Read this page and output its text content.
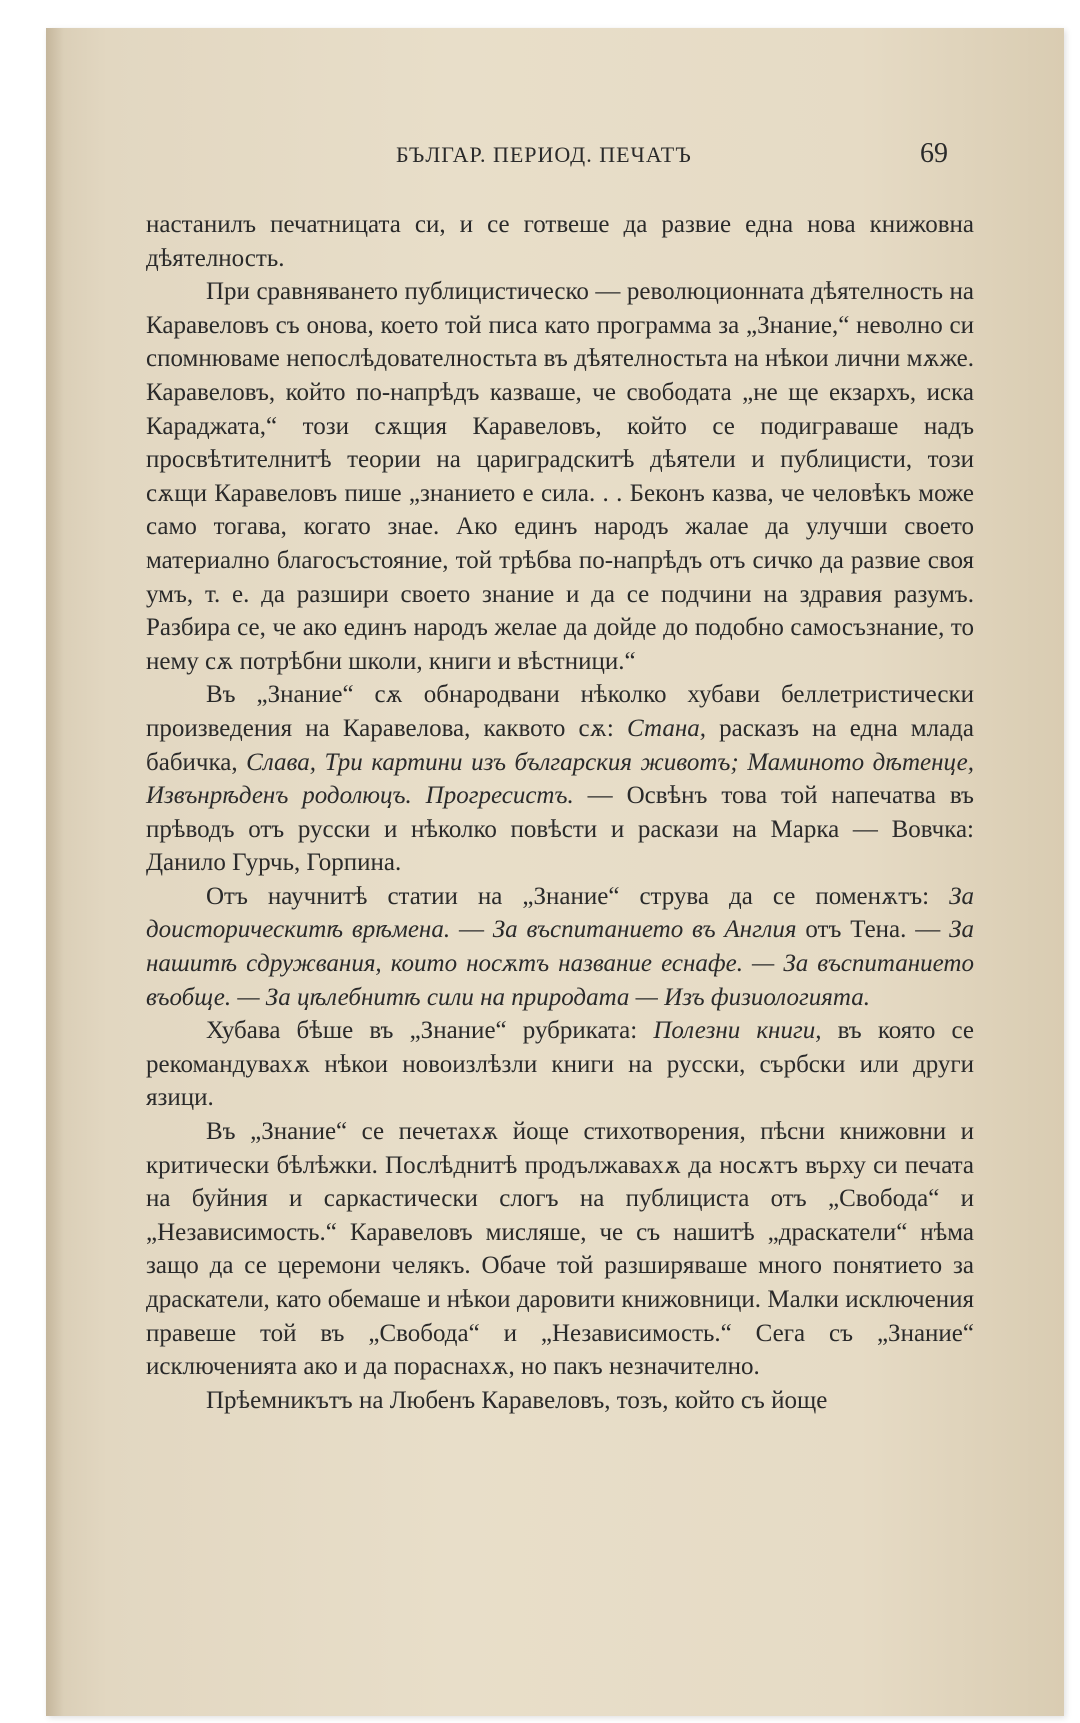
БЪЛГАР. ПЕРИОД. ПЕЧАТЪ	69

настанилъ печатницата си, и се готвеше да развие една нова книжовна дѣятелность.

При сравняването публицистическо — революционната дѣятелность на Каравеловъ съ онова, което той писа като программа за „Знание,“ неволно си спомнюваме непослѣдователностьта въ дѣятелностьта на нѣкои лични мѫже. Каравеловъ, който по-напрѣдъ казваше, че свободата „не ще екзархъ, иска Караджата,“ този сѫщия Каравеловъ, който се подиграваше надъ просвѣтителнитѣ теории на цариградскитѣ дѣятели и публицисти, този сѫщи Каравеловъ пише „знанието е сила. . . Беконъ казва, че человѣкъ може само тогава, когато знае. Ако единъ народъ жалае да улучши своето материално благосъстояние, той трѣбва по-напрѣдъ отъ сичко да развие своя умъ, т. е. да разшири своето знание и да се подчини на здравия разумъ. Разбира се, че ако единъ народъ желае да дойде до подобно самосъзнание, то нему сѫ потрѣбни школи, книги и вѣстници.“

Въ „Знание“ сѫ обнародвани нѣколко хубави беллетристически произведения на Каравелова, каквото сѫ: Стана, расказъ на една млада бабичка, Слава, Три картини изъ българския животъ; Маминото дѣтенце, Извънрѣденъ родолюцъ. Прогресистъ. — Освѣнъ това той напечатва въ прѣводъ отъ русски и нѣколко повѣсти и раскази на Марка — Вовчка: Данило Гурчь, Горпина.

Отъ научнитѣ статии на „Знание“ струва да се поменѫтъ: За доисторическитѣ врѣмена. — За въспитанието въ Англия отъ Тена. — За нашитѣ сдружвания, които носѫтъ название еснафе. — За въспитанието въобще. — За цѣлебнитѣ сили на природата — Изъ физиологията.

Хубава бѣше въ „Знание“ рубриката: Полезни книги, въ която се рекомандувахѫ нѣкои новоизлѣзли книги на русски, сърбски или други язици.

Въ „Знание“ се печетахѫ йоще стихотворения, пѣсни книжовни и критически бѣлѣжки. Послѣднитѣ продължавахѫ да носѫтъ върху си печата на буйния и саркастически слогъ на публициста отъ „Свобода“ и „Независимость.“ Каравеловъ мисляше, че съ нашитѣ „драскатели“ нѣма защо да се церемони челякъ. Обаче той разширяваше много понятието за драскатели, като обемаше и нѣкои даровити книжовници. Малки исключения правеше той въ „Свобода“ и „Независимость.“ Сега съ „Знание“ исключенията ако и да пораснахѫ, но пакъ незначително.

Прѣемникътъ на Любенъ Каравеловъ, тозъ, който съ йоще
